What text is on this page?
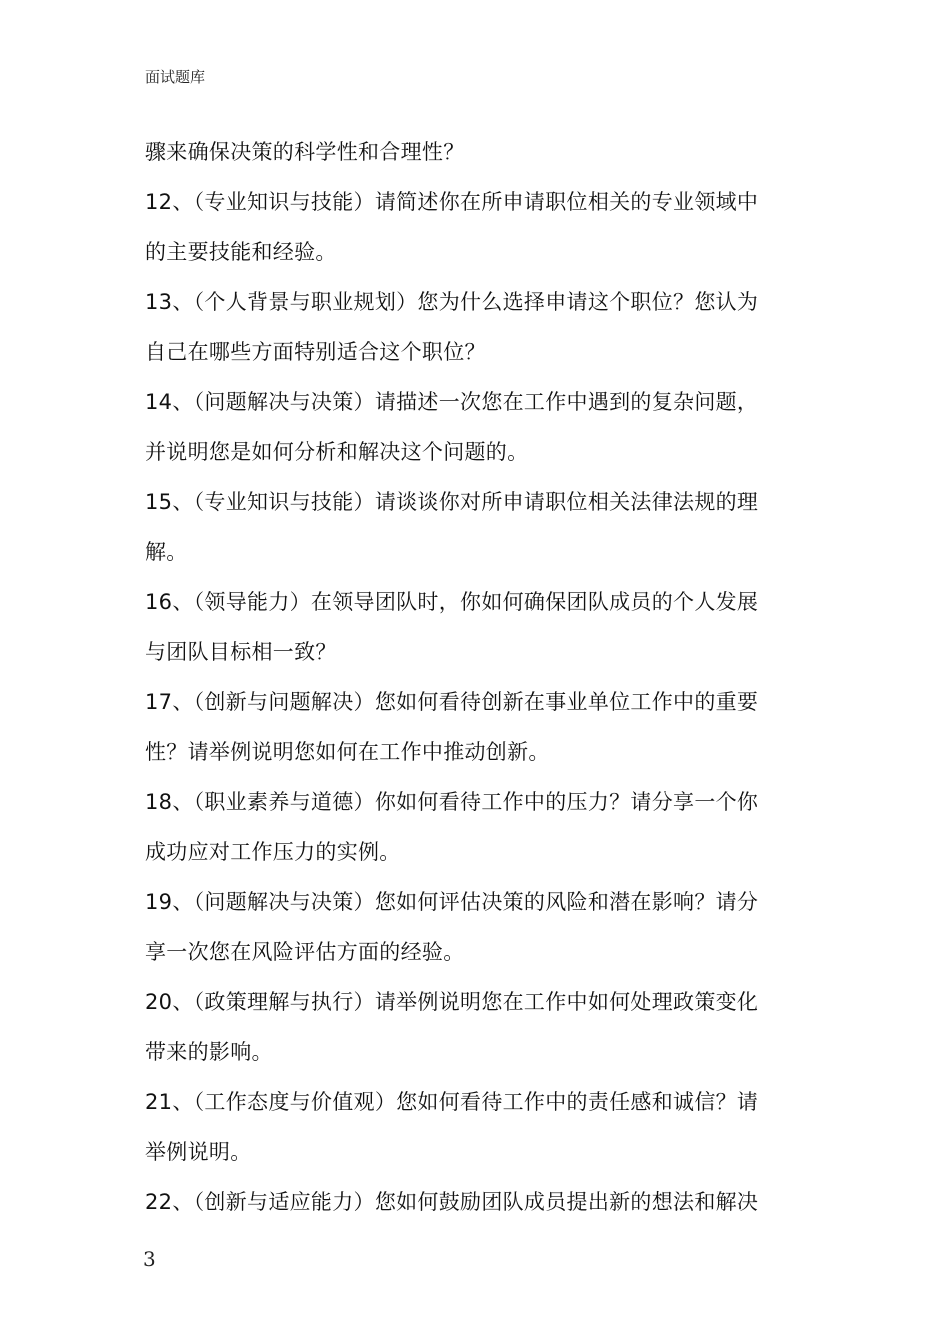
面试题库
骤来确保决策的科学性和合理性？
12、（专业知识与技能）请简述你在所申请职位相关的专业领域中
的主要技能和经验。
13、（个人背景与职业规划）您为什么选择申请这个职位？您认为
自己在哪些方面特别适合这个职位？
14、（问题解决与决策）请描述一次您在工作中遇到的复杂问题，
并说明您是如何分析和解决这个问题的。
15、（专业知识与技能）请谈谈你对所申请职位相关法律法规的理
解。
16、（领导能力）在领导团队时，你如何确保团队成员的个人发展
与团队目标相一致？
17、（创新与问题解决）您如何看待创新在事业单位工作中的重要
性？请举例说明您如何在工作中推动创新。
18、（职业素养与道德）你如何看待工作中的压力？请分享一个你
成功应对工作压力的实例。
19、（问题解决与决策）您如何评估决策的风险和潜在影响？请分
享一次您在风险评估方面的经验。
20、（政策理解与执行）请举例说明您在工作中如何处理政策变化
带来的影响。
21、（工作态度与价值观）您如何看待工作中的责任感和诚信？请
举例说明。
22、（创新与适应能力）您如何鼓励团队成员提出新的想法和解决
3
